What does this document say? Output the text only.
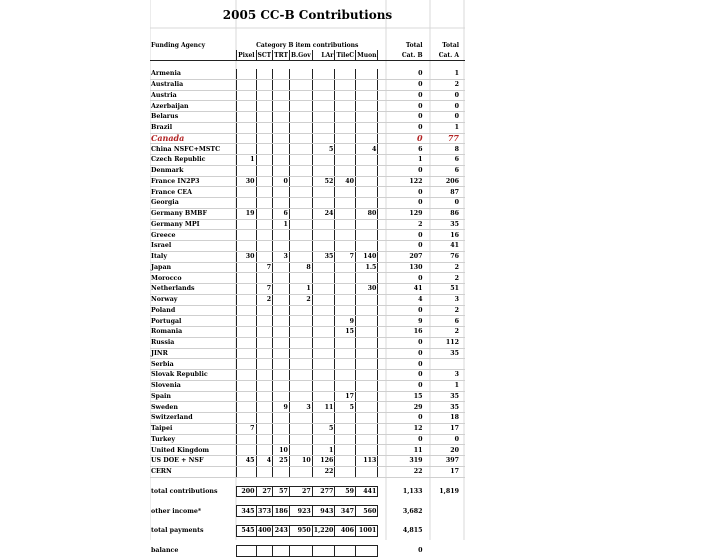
2005 CC-B Contributions
Funding Agency	Category B item contributions							Total	Total
	Pixel	SCT	TRT	B.Gov	LAr	TileC	Muon	Cat. B	Cat. A

Armenia								0	1
Australia								0	2
Austria								0	0
Azerbaijan								0	0
Belarus								0	0
Brazil								0	1
Canada								0	77
China NSFC+MSTC					5		4	6	8
Czech Republic	1							1	6
Denmark								0	6
France IN2P3	30		0		52	40		122	206
France CEA								0	87
Georgia								0	0
Germany BMBF	19		6		24		80	129	86
Germany MPI			1					2	35
Greece								0	16
Israel								0	41
Italy	30		3		35	7	140	207	76
Japan		7		8			1.5	130	2
Morocco								0	2
Netherlands		7		1			30	41	51
Norway		2		2				4	3
Poland								0	2
Portugal						9		9	6
Romania						15		16	2
Russia								0	112
JINR								0	35
Serbia								0	
Slovak Republic								0	3
Slovenia								0	1
Spain						17		15	35
Sweden			9	3	11	5		29	35
Switzerland								0	18
Taipei	7				5			12	17
Turkey								0	0
United Kingdom			10		1			11	20
US DOE + NSF	45	4	25	10	126		113	319	397
CERN					22			22	17

total contributions	200	27	57	27	277	59	441	1,133	1,819

other income*	345	373	186	923	943	347	560	3,682	

total payments	545	400	243	950	1,220	406	1001	4,815	

balance								0	
